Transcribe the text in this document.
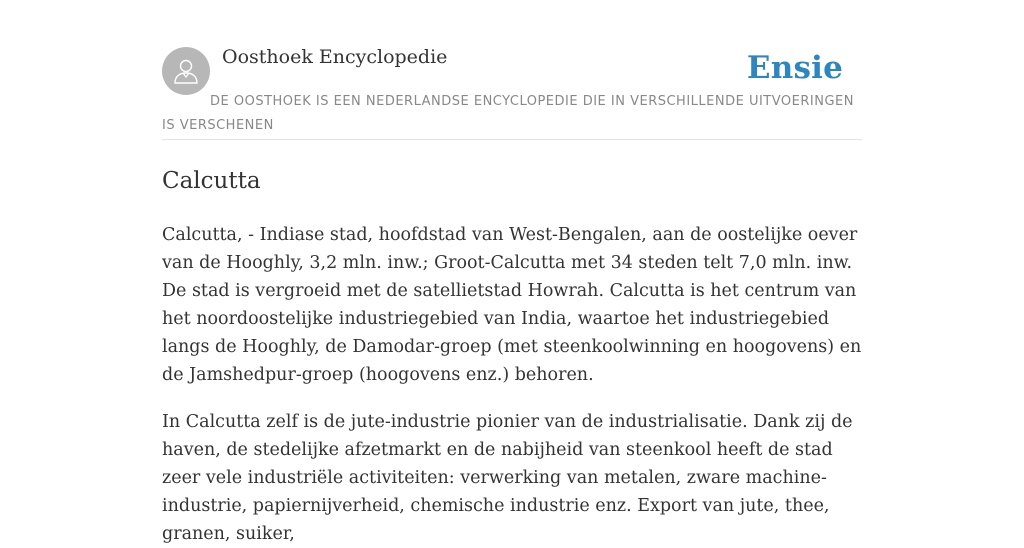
Oosthoek Encyclopedie	Ensie
DE OOSTHOEK IS EEN NEDERLANDSE ENCYCLOPEDIE DIE IN VERSCHILLENDE UITVOERINGEN IS VERSCHENEN
Calcutta

Calcutta, - Indiase stad, hoofdstad van West-Bengalen, aan de oostelijke oever van de Hooghly, 3,2 mln. inw.; Groot-Calcutta met 34 steden telt 7,0 mln. inw. De stad is vergroeid met de satellietstad Howrah. Calcutta is het centrum van het noordoostelijke industriegebied van India, waartoe het industriegebied langs de Hooghly, de Damodar-groep (met steenkoolwinning en hoogovens) en de Jamshedpur-groep (hoogovens enz.) behoren.

In Calcutta zelf is de jute-industrie pionier van de industrialisatie. Dank zij de haven, de stedelijke afzetmarkt en de nabijheid van steenkool heeft de stad zeer vele industriële activiteiten: verwerking van metalen, zware machine-industrie, papiernijverheid, chemische industrie enz. Export van jute, thee, granen, suiker,
